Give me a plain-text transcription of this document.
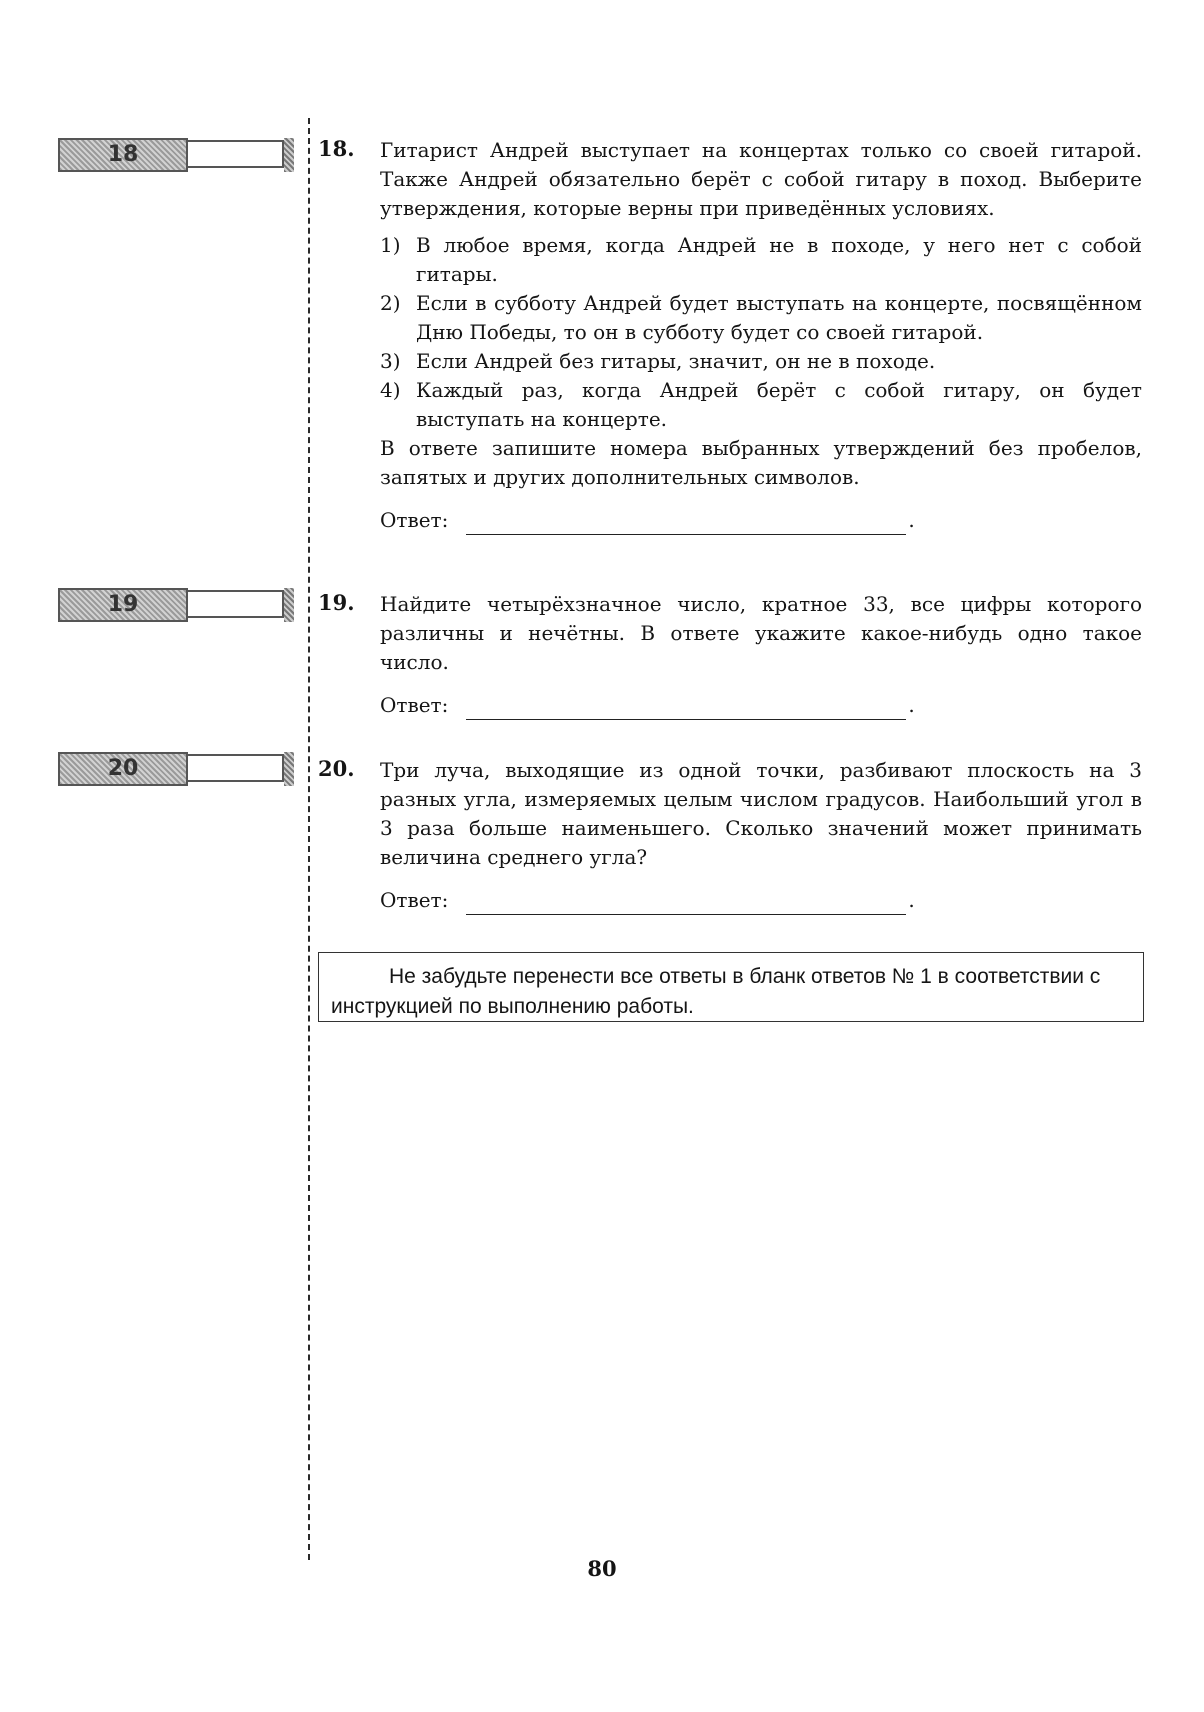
18	18. Гитарист Андрей выступает на концертах только со своей гитарой. Также Андрей обязательно берёт с собой гитару в поход. Выберите утверждения, которые верны при приведённых условиях.

1) В любое время, когда Андрей не в походе, у него нет с собой гитары.
2) Если в субботу Андрей будет выступать на концерте, посвящённом Дню Победы, то он в субботу будет со своей гитарой.
3) Если Андрей без гитары, значит, он не в походе.
4) Каждый раз, когда Андрей берёт с собой гитару, он будет выступать на концерте.

В ответе запишите номера выбранных утверждений без пробелов, запятых и других дополнительных символов.

Ответ:	.
19	19. Найдите четырёхзначное число, кратное 33, все цифры которого различны и нечётны. В ответе укажите какое-нибудь одно такое число.

Ответ:	.
20	20. Три луча, выходящие из одной точки, разбивают плоскость на 3 разных угла, измеряемых целым числом градусов. Наибольший угол в 3 раза больше наименьшего. Сколько значений может принимать величина среднего угла?

Ответ:	.
Не забудьте перенести все ответы в бланк ответов № 1 в соответствии с инструкцией по выполнению работы.
80
